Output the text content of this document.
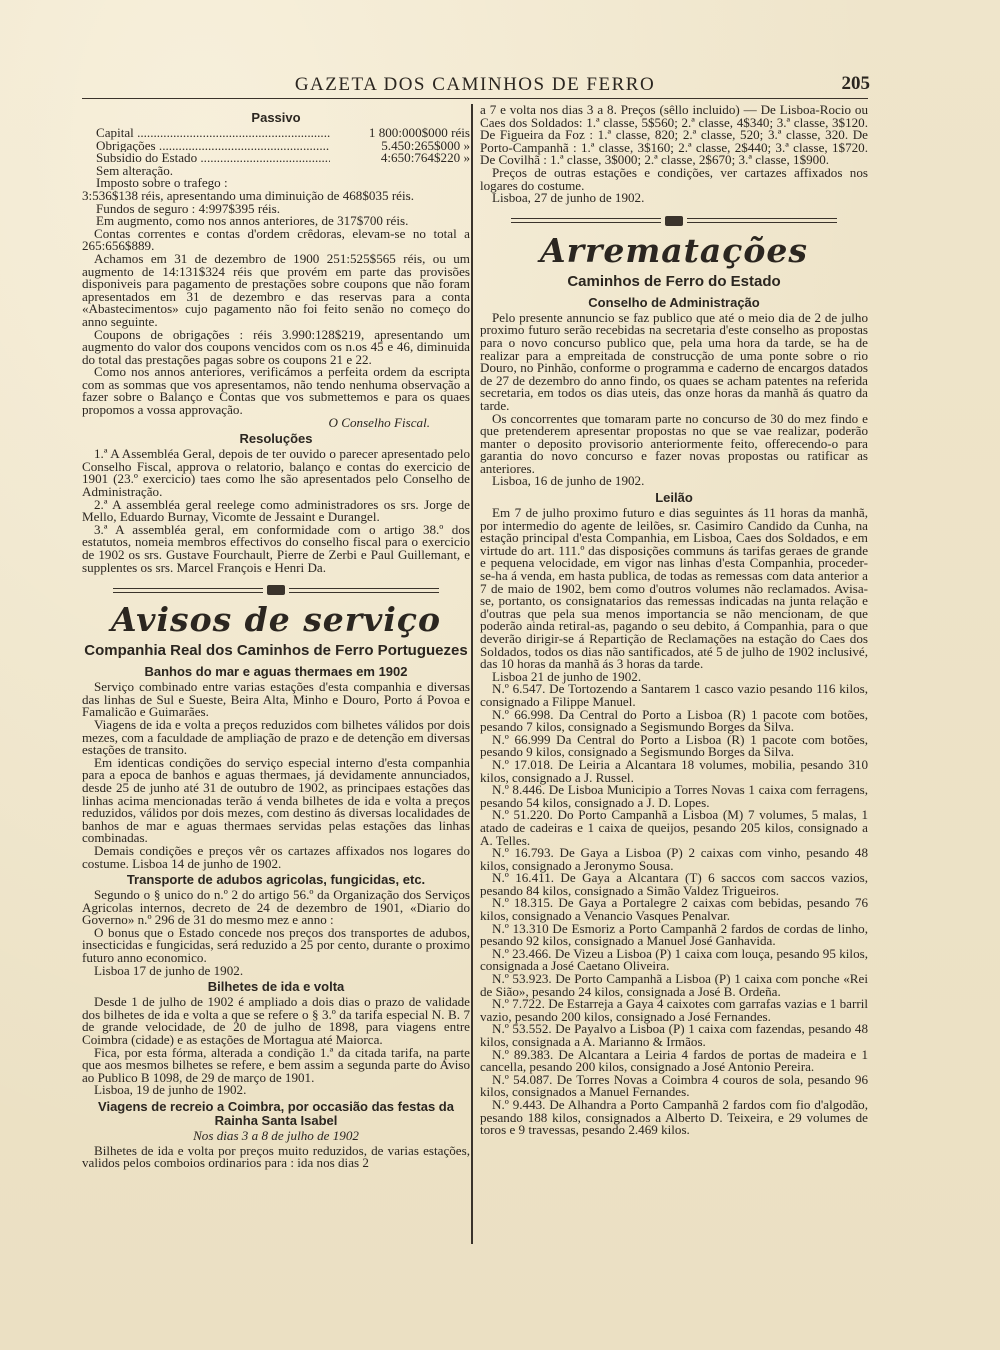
GAZETA DOS CAMINHOS DE FERRO	205
Passivo
Capital .....	1 800:000$000 réis
Obrigações .....	5.450:265$000 »
Subsidio do Estado .....	4:650:764$220 »
Sem alteração.
Imposto sobre o trafego :
3:536$138 réis, apresentando uma diminuição de 468$035 réis.
Fundos de seguro : 4:997$395 réis.
Em augmento, como nos annos anteriores, de 317$700 réis.

Contas correntes e contas d'ordem crêdoras, elevam-se no total a 265:656$889.

Achamos em 31 de dezembro de 1900 251:525$565 réis, ou um augmento de 14:131$324 réis que provém em parte das provisões disponiveis para pagamento de prestações sobre coupons que não foram apresentados em 31 de dezembro e das reservas para a conta «Abastecimentos» cujo pagamento não foi feito senão no começo do anno seguinte.

Coupons de obrigações : réis 3.990:128$219, apresentando um augmento do valor dos coupons vencidos com os n.os 45 e 46, diminuida do total das prestações pagas sobre os coupons 21 e 22.

Como nos annos anteriores, verificámos a perfeita ordem da escripta com as sommas que vos apresentamos, não tendo nenhuma observação a fazer sobre o Balanço e Contas que vos submettemos e para os quaes propomos a vossa approvação.

O Conselho Fiscal.
Resoluções

1.ª A Assembléa Geral, depois de ter ouvido o parecer apresentado pelo Conselho Fiscal, approva o relatorio, balanço e contas do exercicio de 1901 (23.º exercicio) taes como lhe são apresentados pelo Conselho de Administração.

2.ª A assembléa geral reelege como administradores os srs. Jorge de Mello, Eduardo Burnay, Vicomte de Jessaint e Durangel.

3.ª A assembléa geral, em conformidade com o artigo 38.º dos estatutos, nomeia membros effectivos do conselho fiscal para o exercicio de 1902 os srs. Gustave Fourchault, Pierre de Zerbi e Paul Guillemant, e supplentes os srs. Marcel François e Henri Da.

Avisos de serviço
Companhia Real dos Caminhos de Ferro Portuguezes
Banhos do mar e aguas thermaes em 1902

Serviço combinado entre varias estações d'esta companhia e diversas das linhas de Sul e Sueste, Beira Alta, Minho e Douro, Porto á Povoa e Famalicão e Guimarães.

Viagens de ida e volta a preços reduzidos com bilhetes válidos por dois mezes, com a faculdade de ampliação de prazo e de detenção em diversas estações de transito.

Em identicas condições do serviço especial interno d'esta companhia para a epoca de banhos e aguas thermaes, já devidamente annunciados, desde 25 de junho até 31 de outubro de 1902, as principaes estações das linhas acima mencionadas terão á venda bilhetes de ida e volta a preços reduzidos, válidos por dois mezes, com destino ás diversas localidades de banhos de mar e aguas thermaes servidas pelas estações das linhas combinadas.

Demais condições e preços vêr os cartazes affixados nos logares do costume. Lisboa 14 de junho de 1902.

Transporte de adubos agricolas, fungicidas, etc.

Segundo o § unico do n.º 2 do artigo 56.º da Organização dos Serviços Agricolas internos, decreto de 24 de dezembro de 1901, «Diario do Governo» n.º 296 de 31 do mesmo mez e anno :

O bonus que o Estado concede nos preços dos transportes de adubos, insecticidas e fungicidas, será reduzido a 25 por cento, durante o proximo futuro anno economico.

Lisboa 17 de junho de 1902.

Bilhetes de ida e volta

Desde 1 de julho de 1902 é ampliado a dois dias o prazo de validade dos bilhetes de ida e volta a que se refere o § 3.º da tarifa especial N. B. 7 de grande velocidade, de 20 de julho de 1898, para viagens entre Coimbra (cidade) e as estações de Mortagua até Maiorca.

Fica, por esta fórma, alterada a condição 1.ª da citada tarifa, na parte que aos mesmos bilhetes se refere, e bem assim a segunda parte do Aviso ao Publico B 1098, de 29 de março de 1901.

Lisboa, 19 de junho de 1902.

Viagens de recreio a Coimbra, por occasião das festas da Rainha Santa Isabel
Nos dias 3 a 8 de julho de 1902

Bilhetes de ida e volta por preços muito reduzidos, de varias estações, validos pelos comboios ordinarios para : ida nos dias 2

a 7 e volta nos dias 3 a 8. Preços (sêllo incluido) — De Lisboa-Rocio ou Caes dos Soldados: 1.ª classe, 5$560; 2.ª classe, 4$340; 3.ª classe, 3$120. De Figueira da Foz : 1.ª classe, 820; 2.ª classe, 520; 3.ª classe, 320. De Porto-Campanhã : 1.ª classe, 3$160; 2.ª classe, 2$440; 3.ª classe, 1$720. De Covilhã : 1.ª classe, 3$000; 2.ª classe, 2$670; 3.ª classe, 1$900.

Preços de outras estações e condições, ver cartazes affixados nos logares do costume.

Lisboa, 27 de junho de 1902.

Arrematações
Caminhos de Ferro do Estado
Conselho de Administração

Pelo presente annuncio se faz publico que até o meio dia de 2 de julho proximo futuro serão recebidas na secretaria d'este conselho as propostas para o novo concurso publico que, pela uma hora da tarde, se ha de realizar para a empreitada de construcção de uma ponte sobre o rio Douro, no Pinhão, conforme o programma e caderno de encargos datados de 27 de dezembro do anno findo, os quaes se acham patentes na referida secretaria, em todos os dias uteis, das onze horas da manhã ás quatro da tarde.

Os concorrentes que tomaram parte no concurso de 30 do mez findo e que pretenderem apresentar propostas no que se vae realizar, poderão manter o deposito provisorio anteriormente feito, offerecendo-o para garantia do novo concurso e fazer novas propostas ou ratificar as anteriores.

Lisboa, 16 de junho de 1902.

Leilão

Em 7 de julho proximo futuro e dias seguintes ás 11 horas da manhã, por intermedio do agente de leilões, sr. Casimiro Candido da Cunha, na estação principal d'esta Companhia, em Lisboa, Caes dos Soldados, e em virtude do art. 111.º das disposições communs ás tarifas geraes de grande e pequena velocidade, em vigor nas linhas d'esta Companhia, proceder-se-ha á venda, em hasta publica, de todas as remessas com data anterior a 7 de maio de 1902, bem como d'outros volumes não reclamados. Avisa-se, portanto, os consignatarios das remessas indicadas na junta relação e d'outras que pela sua menos importancia se não mencionam, de que poderão ainda retiral-as, pagando o seu debito, á Companhia, para o que deverão dirigir-se á Repartição de Reclamações na estação do Caes dos Soldados, todos os dias não santificados, até 5 de julho de 1902 inclusivé, das 10 horas da manhã ás 3 horas da tarde.

Lisboa 21 de junho de 1902.

N.º 6.547. De Tortozendo a Santarem 1 casco vazio pesando 116 kilos, consignado a Filippe Manuel.

N.º 66.998. Da Central do Porto a Lisboa (R) 1 pacote com botões, pesando 7 kilos, consignado a Segismundo Borges da Silva.

N.º 66.999 Da Central do Porto a Lisboa (R) 1 pacote com botões, pesando 9 kilos, consignado a Segismundo Borges da Silva.

N.º 17.018. De Leiria a Alcantara 18 volumes, mobilia, pesando 310 kilos, consignado a J. Russel.

N.º 8.446. De Lisboa Municipio a Torres Novas 1 caixa com ferragens, pesando 54 kilos, consignado a J. D. Lopes.

N.º 51.220. Do Porto Campanhã a Lisboa (M) 7 volumes, 5 malas, 1 atado de cadeiras e 1 caixa de queijos, pesando 205 kilos, consignado a A. Telles.

N.º 16.793. De Gaya a Lisboa (P) 2 caixas com vinho, pesando 48 kilos, consignado a Jeronymo Sousa.

N.º 16.411. De Gaya a Alcantara (T) 6 saccos com saccos vazios, pesando 84 kilos, consignado a Simão Valdez Trigueiros.

N.º 18.315. De Gaya a Portalegre 2 caixas com bebidas, pesando 76 kilos, consignado a Venancio Vasques Penalvar.

N.º 13.310 De Esmoriz a Porto Campanhã 2 fardos de cordas de linho, pesando 92 kilos, consignado a Manuel José Ganhavida.

N.º 23.466. De Vizeu a Lisboa (P) 1 caixa com louça, pesando 95 kilos, consignada a José Caetano Oliveira.

N.º 53.923. De Porto Campanhã a Lisboa (P) 1 caixa com ponche «Rei de Sião», pesando 24 kilos, consignada a José B. Ordeña.

N.º 7.722. De Estarreja a Gaya 4 caixotes com garrafas vazias e 1 barril vazio, pesando 200 kilos, consignado a José Fernandes.

N.º 53.552. De Payalvo a Lisboa (P) 1 caixa com fazendas, pesando 48 kilos, consignada a A. Marianno & Irmãos.

N.º 89.383. De Alcantara a Leiria 4 fardos de portas de madeira e 1 cancella, pesando 200 kilos, consignado a José Antonio Pereira.

N.º 54.087. De Torres Novas a Coimbra 4 couros de sola, pesando 96 kilos, consignados a Manuel Fernandes.

N.º 9.443. De Alhandra a Porto Campanhã 2 fardos com fio d'algodão, pesando 188 kilos, consignados a Alberto D. Teixeira, e 29 volumes de toros e 9 travessas, pesando 2.469 kilos.
